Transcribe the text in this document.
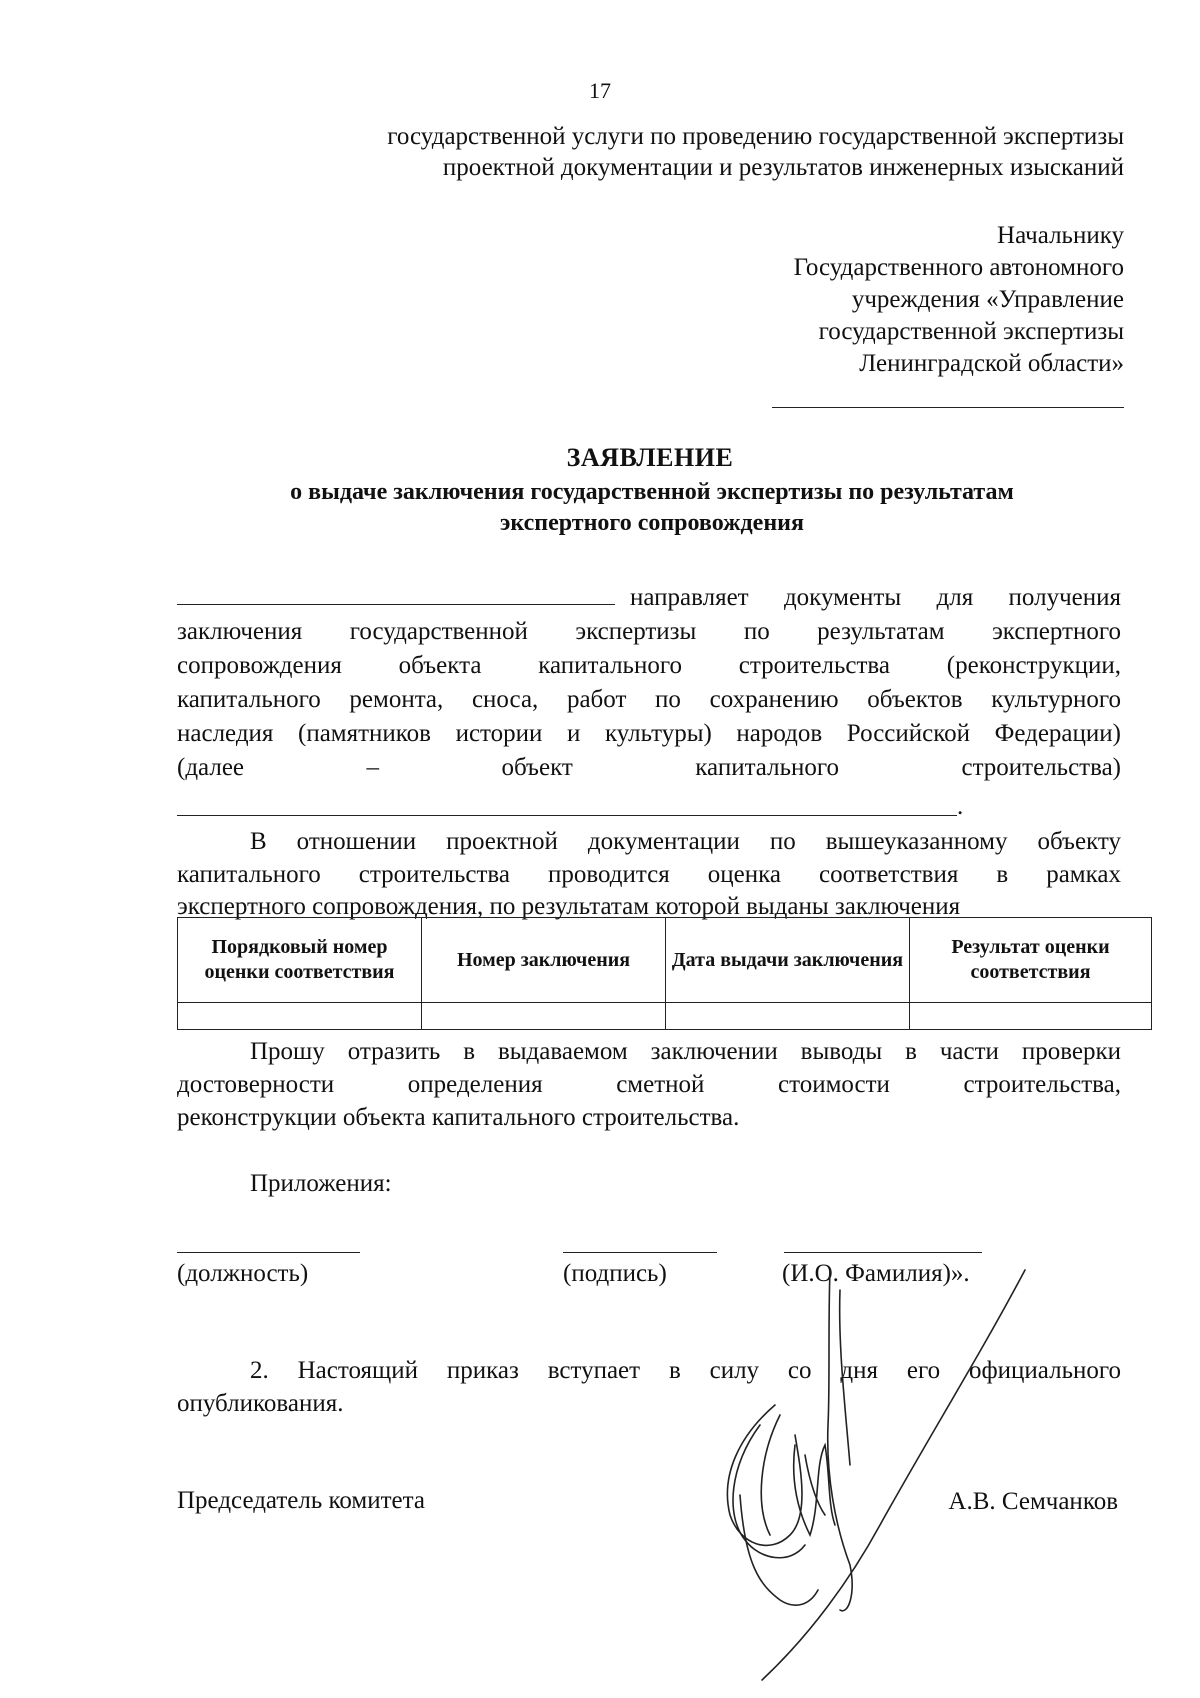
17
государственной услуги по проведению государственной экспертизы
проектной документации и результатов инженерных изысканий
Начальнику
Государственного автономного
учреждения «Управление
государственной экспертизы
Ленинградской области»
ЗАЯВЛЕНИЕ
о выдаче заключения государственной экспертизы по результатам
экспертного сопровождения
направляет документы для получения
заключения государственной экспертизы по результатам экспертного
сопровождения объекта капитального строительства (реконструкции,
капитального ремонта, сноса, работ по сохранению объектов культурного
наследия (памятников истории и культуры) народов Российской Федерации)
(далее – объект капитального строительства)
.
В отношении проектной документации по вышеуказанному объекту
капитального строительства проводится оценка соответствия в рамках
экспертного сопровождения, по результатам которой выданы заключения
Порядковый номер оценки соответствия	Номер заключения	Дата выдачи заключения	Результат оценки соответствия

Прошу отразить в выдаваемом заключении выводы в части проверки
достоверности определения сметной стоимости строительства,
реконструкции объекта капитального строительства.
Приложения:
(должность)	(подпись)	(И.О. Фамилия)».
2. Настоящий приказ вступает в силу со дня его официального
опубликования.
Председатель комитета	А.В. Семчанков
